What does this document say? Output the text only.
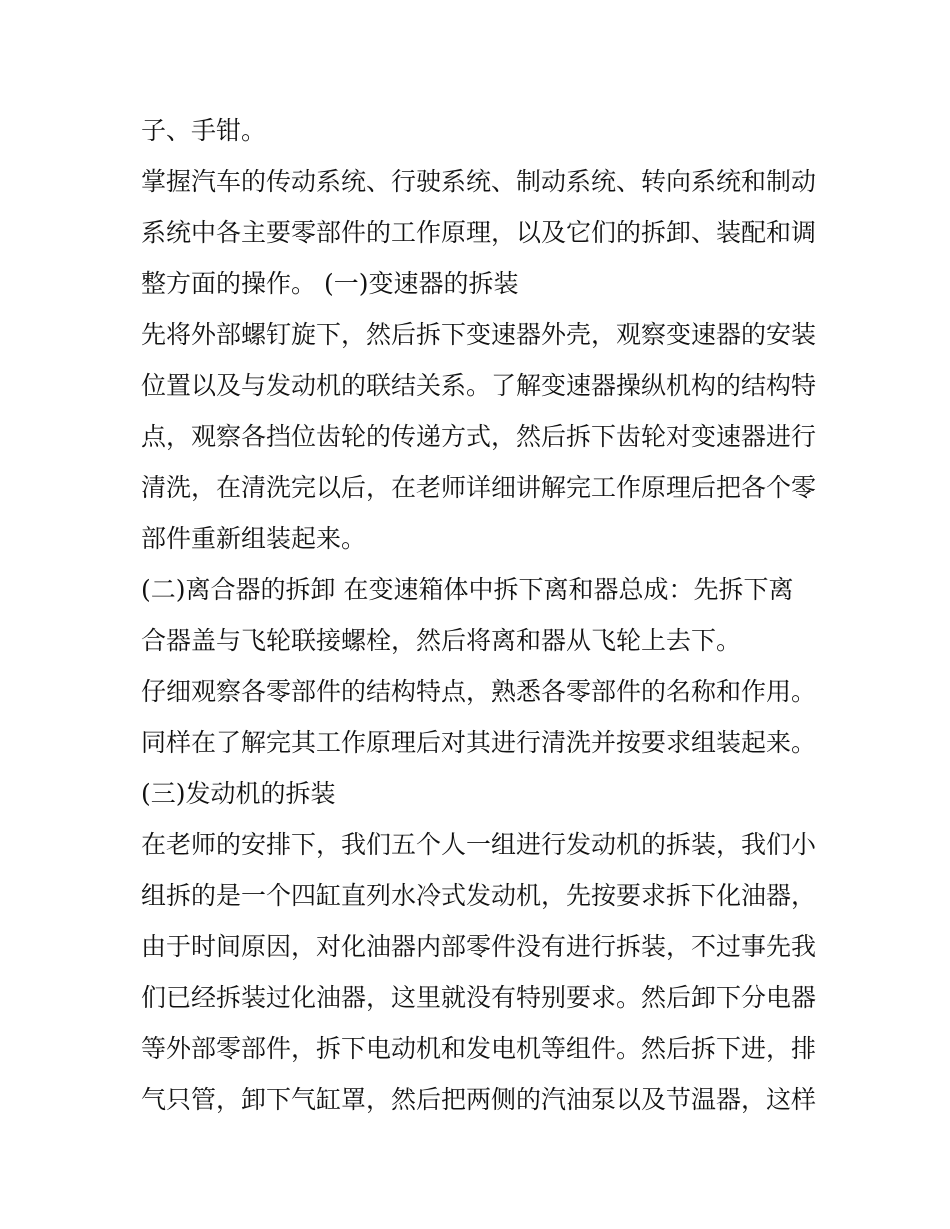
子、手钳。

掌握汽车的传动系统、行驶系统、制动系统、转向系统和制动

系统中各主要零部件的工作原理，以及它们的拆卸、装配和调

整方面的操作。 (一)变速器的拆装

先将外部螺钉旋下，然后拆下变速器外壳，观察变速器的安装

位置以及与发动机的联结关系。了解变速器操纵机构的结构特

点，观察各挡位齿轮的传递方式，然后拆下齿轮对变速器进行

清洗，在清洗完以后，在老师详细讲解完工作原理后把各个零

部件重新组装起来。

(二)离合器的拆卸 在变速箱体中拆下离和器总成：先拆下离

合器盖与飞轮联接螺栓，然后将离和器从飞轮上去下。

仔细观察各零部件的结构特点，熟悉各零部件的名称和作用。

同样在了解完其工作原理后对其进行清洗并按要求组装起来。

(三)发动机的拆装

在老师的安排下，我们五个人一组进行发动机的拆装，我们小

组拆的是一个四缸直列水冷式发动机，先按要求拆下化油器，

由于时间原因，对化油器内部零件没有进行拆装，不过事先我

们已经拆装过化油器，这里就没有特别要求。然后卸下分电器

等外部零部件，拆下电动机和发电机等组件。然后拆下进，排

气只管，卸下气缸罩，然后把两侧的汽油泵以及节温器，这样
